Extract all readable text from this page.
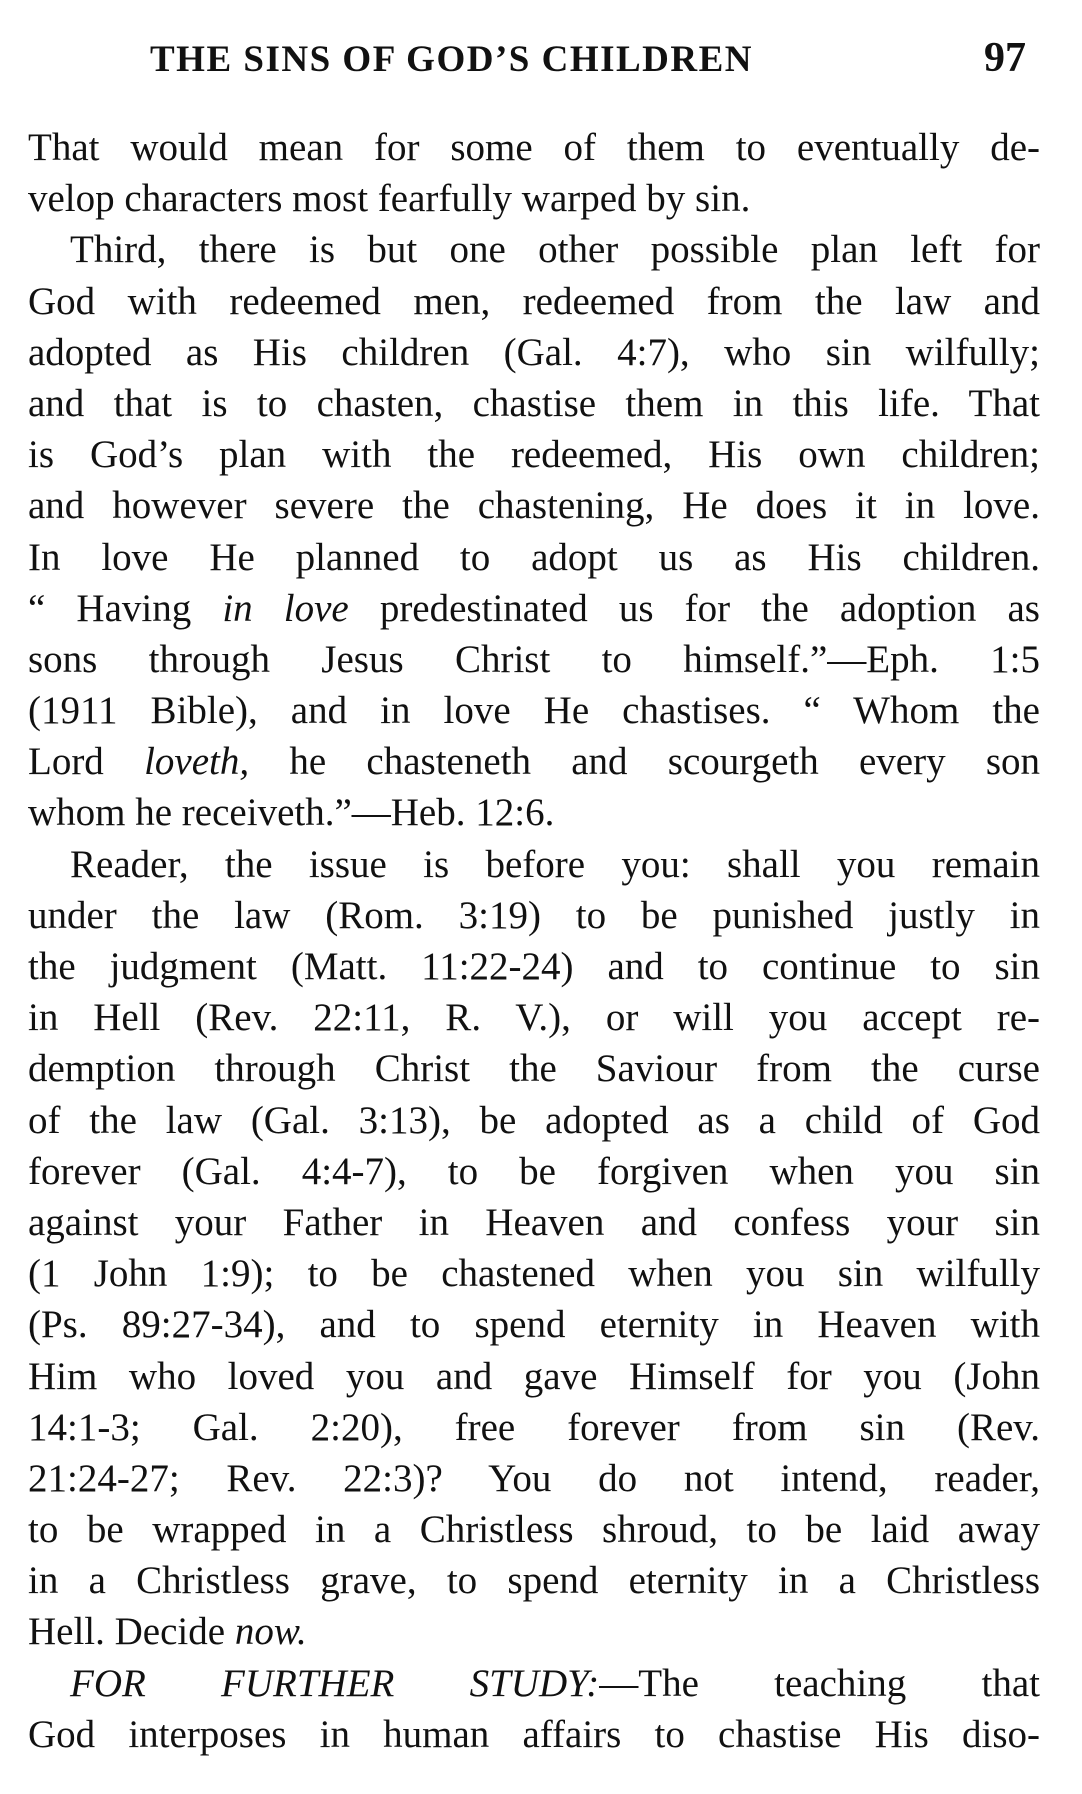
THE SINS OF GOD’S CHILDREN	97
That would mean for some of them to eventually de-
velop characters most fearfully warped by sin.
Third, there is but one other possible plan left for
God with redeemed men, redeemed from the law and
adopted as His children (Gal. 4:7), who sin wilfully;
and that is to chasten, chastise them in this life. That
is God’s plan with the redeemed, His own children;
and however severe the chastening, He does it in love.
In love He planned to adopt us as His children.
“ Having in love predestinated us for the adoption as
sons through Jesus Christ to himself.”—Eph. 1:5
(1911 Bible), and in love He chastises. “ Whom the
Lord loveth, he chasteneth and scourgeth every son
whom he receiveth.”—Heb. 12:6.
Reader, the issue is before you: shall you remain
under the law (Rom. 3:19) to be punished justly in
the judgment (Matt. 11:22-24) and to continue to sin
in Hell (Rev. 22:11, R. V.), or will you accept re-
demption through Christ the Saviour from the curse
of the law (Gal. 3:13), be adopted as a child of God
forever (Gal. 4:4-7), to be forgiven when you sin
against your Father in Heaven and confess your sin
(1 John 1:9); to be chastened when you sin wilfully
(Ps. 89:27-34), and to spend eternity in Heaven with
Him who loved you and gave Himself for you (John
14:1-3; Gal. 2:20), free forever from sin (Rev.
21:24-27; Rev. 22:3)? You do not intend, reader,
to be wrapped in a Christless shroud, to be laid away
in a Christless grave, to spend eternity in a Christless
Hell. Decide now.
FOR FURTHER STUDY:—The teaching that
God interposes in human affairs to chastise His diso-
